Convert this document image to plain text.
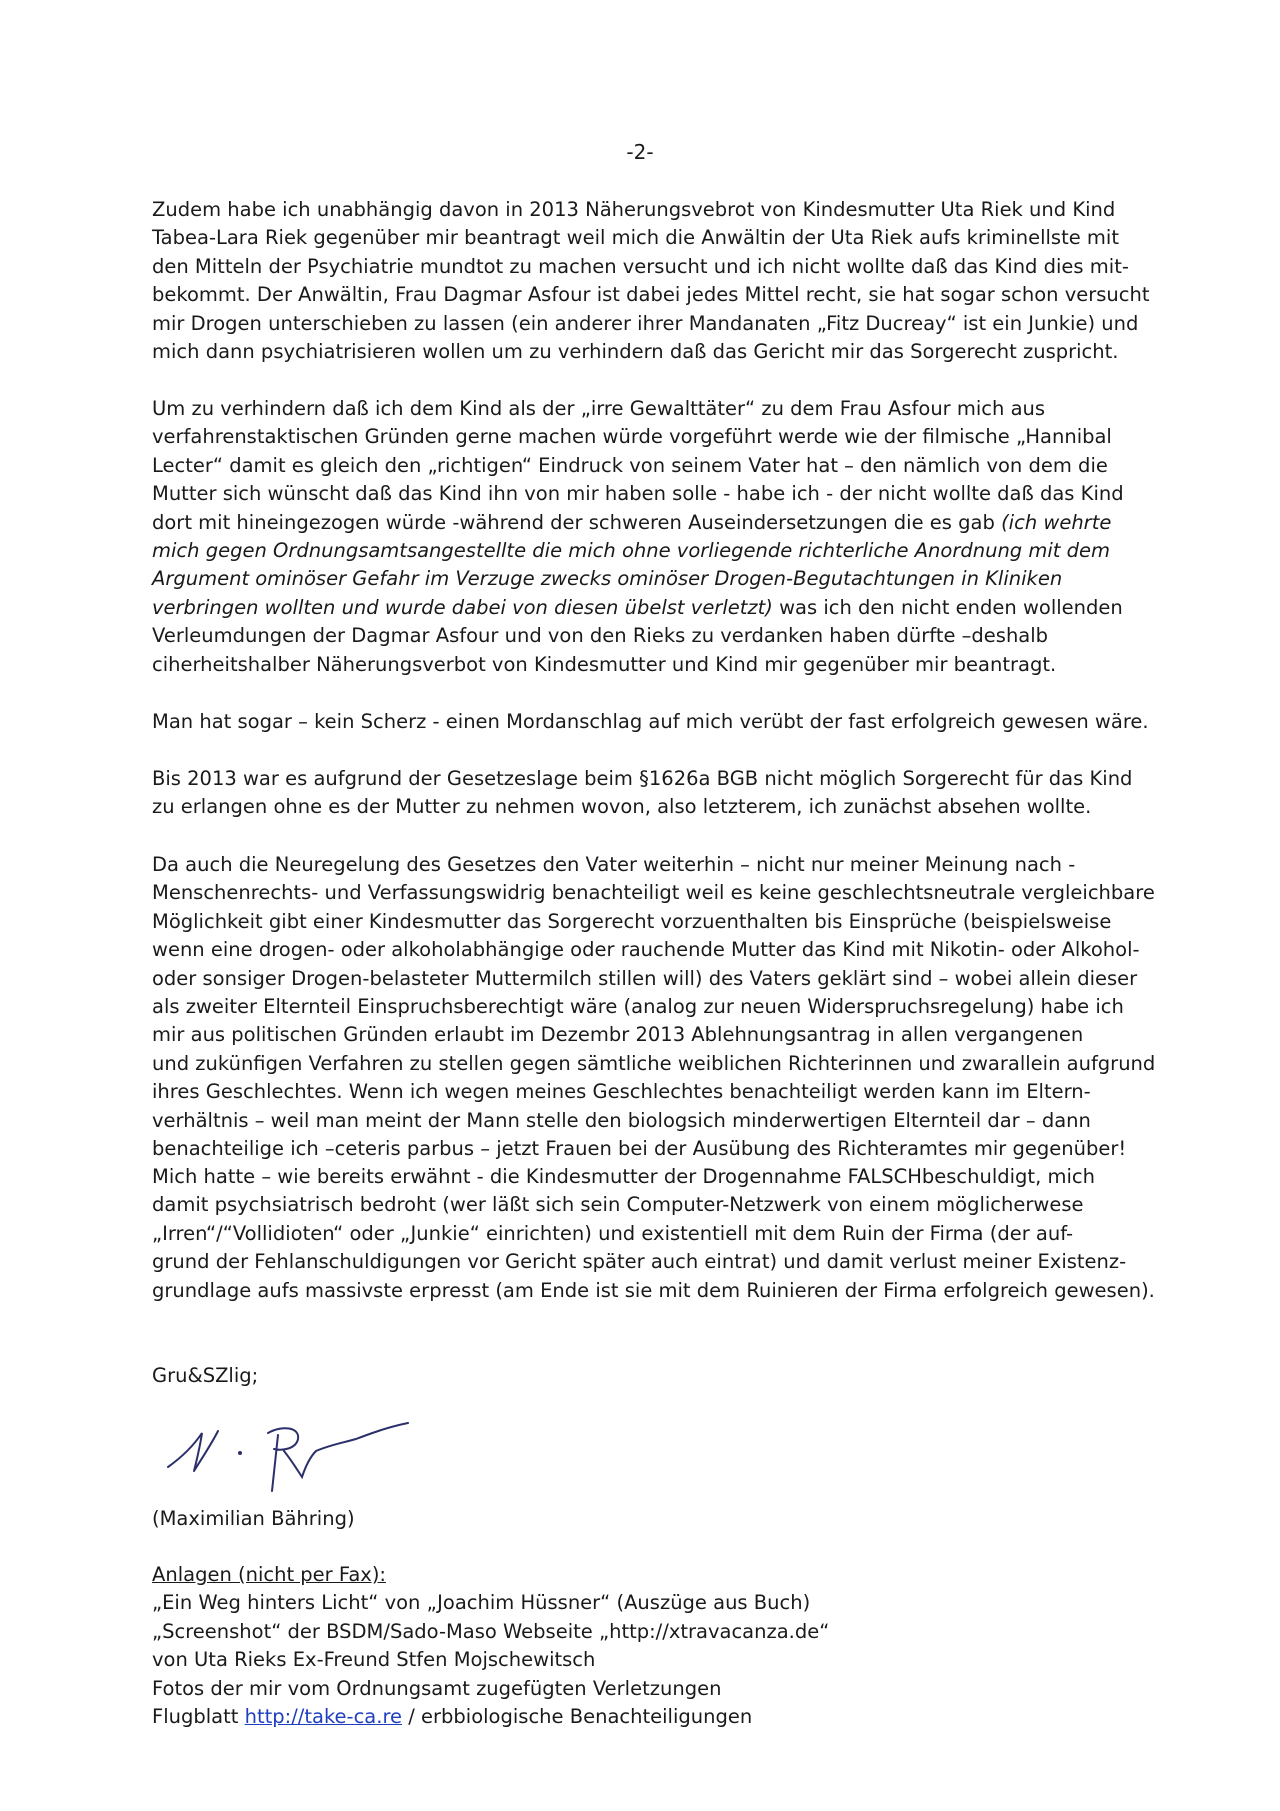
-2-
Zudem habe ich unabhängig davon in 2013 Näherungsvebrot von Kindesmutter Uta Riek und Kind
Tabea-Lara Riek gegenüber mir beantragt weil mich die Anwältin der Uta Riek aufs kriminellste mit
den Mitteln der Psychiatrie mundtot zu machen versucht und ich nicht wollte daß das Kind dies mit-
bekommt. Der Anwältin, Frau Dagmar Asfour ist dabei jedes Mittel recht, sie hat sogar schon versucht
mir Drogen unterschieben zu lassen (ein anderer ihrer Mandanaten „Fitz Ducreay“ ist ein Junkie) und
mich dann psychiatrisieren wollen um zu verhindern daß das Gericht mir das Sorgerecht zuspricht.
Um zu verhindern daß ich dem Kind als der „irre Gewalttäter“ zu dem Frau Asfour mich aus
verfahrenstaktischen Gründen gerne machen würde vorgeführt werde wie der filmische „Hannibal
Lecter“ damit es gleich den „richtigen“ Eindruck von seinem Vater hat – den nämlich von dem die
Mutter sich wünscht daß das Kind ihn von mir haben solle - habe ich - der nicht wollte daß das Kind
dort mit hineingezogen würde -während der schweren Auseindersetzungen die es gab (ich wehrte
mich gegen Ordnungsamtsangestellte die mich ohne vorliegende richterliche Anordnung mit dem
Argument ominöser Gefahr im Verzuge zwecks ominöser Drogen-Begutachtungen in Kliniken
verbringen wollten und wurde dabei von diesen übelst verletzt) was ich den nicht enden wollenden
Verleumdungen der Dagmar Asfour und von den Rieks zu verdanken haben dürfte –deshalb
ciherheitshalber Näherungsverbot von Kindesmutter und Kind mir gegenüber mir beantragt.
Man hat sogar – kein Scherz - einen Mordanschlag auf mich verübt der fast erfolgreich gewesen wäre.
Bis 2013 war es aufgrund der Gesetzeslage beim §1626a BGB nicht möglich Sorgerecht für das Kind
zu erlangen ohne es der Mutter zu nehmen wovon, also letzterem, ich zunächst absehen wollte.
Da auch die Neuregelung des Gesetzes den Vater weiterhin – nicht nur meiner Meinung nach -
Menschenrechts- und Verfassungswidrig benachteiligt weil es keine geschlechtsneutrale vergleichbare
Möglichkeit gibt einer Kindesmutter das Sorgerecht vorzuenthalten bis Einsprüche (beispielsweise
wenn eine drogen- oder alkoholabhängige oder rauchende Mutter das Kind mit Nikotin- oder Alkohol-
oder sonsiger Drogen-belasteter Muttermilch stillen will) des Vaters geklärt sind – wobei allein dieser
als zweiter Elternteil Einspruchsberechtigt wäre (analog zur neuen Widerspruchsregelung) habe ich
mir aus politischen Gründen erlaubt im Dezembr 2013 Ablehnungsantrag in allen vergangenen
und zukünfigen Verfahren zu stellen gegen sämtliche weiblichen Richterinnen und zwarallein aufgrund
ihres Geschlechtes. Wenn ich wegen meines Geschlechtes benachteiligt werden kann im Eltern-
verhältnis – weil man meint der Mann stelle den biologsich minderwertigen Elternteil dar – dann
benachteilige ich –ceteris parbus – jetzt Frauen bei der Ausübung des Richteramtes mir gegenüber!
Mich hatte – wie bereits erwähnt - die Kindesmutter der Drogennahme FALSCHbeschuldigt, mich
damit psychsiatrisch bedroht (wer läßt sich sein Computer-Netzwerk von einem möglicherwese
„Irren“/“Vollidioten“ oder „Junkie“ einrichten) und existentiell mit dem Ruin der Firma (der auf-
grund der Fehlanschuldigungen vor Gericht später auch eintrat) und damit verlust meiner Existenz-
grundlage aufs massivste erpresst (am Ende ist sie mit dem Ruinieren der Firma erfolgreich gewesen).
Gru&SZlig;
(Maximilian Bähring)
Anlagen (nicht per Fax):
„Ein Weg hinters Licht“ von „Joachim Hüssner“ (Auszüge aus Buch)
„Screenshot“ der BSDM/Sado-Maso Webseite „http://xtravacanza.de“
von Uta Rieks Ex-Freund Stfen Mojschewitsch
Fotos der mir vom Ordnungsamt zugefügten Verletzungen
Flugblatt http://take-ca.re / erbbiologische Benachteiligungen
